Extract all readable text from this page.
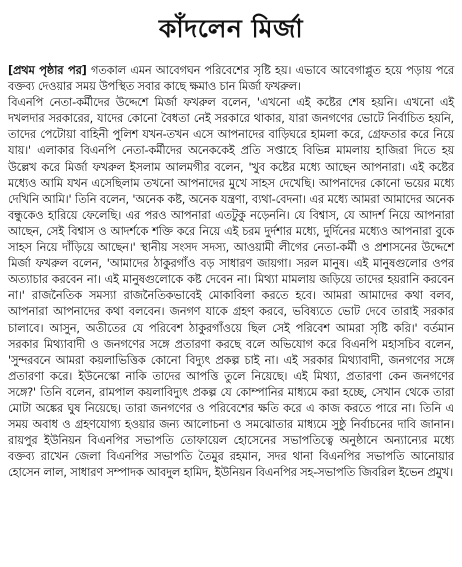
কাঁদলেন মির্জা

[প্রথম পৃষ্ঠার পর] গতকাল এমন আবেগঘন পরিবেশের সৃষ্টি হয়। এভাবে আবেগাপ্লুত হয়ে পড়ায় পরে বক্তব্য দেওয়ার সময় উপস্থিত সবার কাছে ক্ষমাও চান মির্জা ফখরুল।

বিএনপি নেতা-কর্মীদের উদ্দেশে মির্জা ফখরুল বলেন, 'এখনো এই কষ্টের শেষ হয়নি। এখনো এই দখলদার সরকারের, যাদের কোনো বৈধতা নেই সরকারে থাকার, যারা জনগণের ভোটে নির্বাচিত হয়নি, তাদের পেটোয়া বাহিনী পুলিশ যখন-তখন এসে আপনাদের বাড়িঘরে হামলা করে, গ্রেফতার করে নিয়ে যায়।' এলাকার বিএনপি নেতা-কর্মীদের অনেককেই প্রতি সপ্তাহে বিভিন্ন মামলায় হাজিরা দিতে হয় উল্লেখ করে মির্জা ফখরুল ইসলাম আলমগীর বলেন, 'খুব কষ্টের মধ্যে আছেন আপনারা। এই কষ্টের মধ্যেও আমি যখন এসেছিলাম তখনো আপনাদের মুখে সাহস দেখেছি। আপনাদের কোনো ভয়ের মধ্যে দেখিনি আমি।' তিনি বলেন, 'অনেক কষ্ট, অনেক যন্ত্রণা, ব্যথা-বেদনা। এর মধ্যে আমরা আমাদের অনেক বন্ধুকেও হারিয়ে ফেলেছি। এর পরও আপনারা এতটুকু নড়েননি। যে বিশ্বাস, যে আদর্শ নিয়ে আপনারা আছেন, সেই বিশ্বাস ও আদর্শকে শক্তি করে নিয়ে এই চরম দুর্দশার মধ্যে, দুর্দিনের মধ্যেও আপনারা বুকে সাহস নিয়ে দাঁড়িয়ে আছেন।' স্থানীয় সংসদ সদস্য, আওয়ামী লীগের নেতা-কর্মী ও প্রশাসনের উদ্দেশে মির্জা ফখরুল বলেন, 'আমাদের ঠাকুরগাঁও বড় সাধারণ জায়গা। সরল মানুষ। এই মানুষগুলোর ওপর অত্যাচার করবেন না। এই মানুষগুলোকে কষ্ট দেবেন না। মিথ্যা মামলায় জড়িয়ে তাদের হয়রানি করবেন না।' রাজনৈতিক সমস্যা রাজনৈতিকভাবেই মোকাবিলা করতে হবে। আমরা আমাদের কথা বলব, আপনারা আপনাদের কথা বলবেন। জনগণ যাকে গ্রহণ করবে, ভবিষ্যতে ভোট দেবে তারাই সরকার চালাবে। আসুন, অতীতের যে পরিবেশ ঠাকুরগাঁওয়ে ছিল সেই পরিবেশ আমরা সৃষ্টি করি।' বর্তমান সরকার মিথ্যাবাদী ও জনগণের সঙ্গে প্রতারণা করছে বলে অভিযোগ করে বিএনপি মহাসচিব বলেন, 'সুন্দরবনে আমরা কয়লাভিত্তিক কোনো বিদ্যুৎ প্রকল্প চাই না। এই সরকার মিথ্যাবাদী, জনগণের সঙ্গে প্রতারণা করে। ইউনেস্কো নাকি তাদের আপত্তি তুলে নিয়েছে। এই মিথ্যা, প্রতারণা কেন জনগণের সঙ্গে?' তিনি বলেন, রামপাল কয়লাবিদ্যুৎ প্রকল্প যে কোম্পানির মাধ্যমে করা হচ্ছে, সেখান থেকে তারা মোটা অঙ্কের ঘুষ নিয়েছে। তারা জনগণের ও পরিবেশের ক্ষতি করে এ কাজ করতে পারে না। তিনি এ সময় অবাধ ও গ্রহণযোগ্য হওয়ার জন্য আলোচনা ও সমঝোতার মাধ্যমে সুষ্ঠু নির্বাচনের দাবি জানান। রায়পুর ইউনিয়ন বিএনপির সভাপতি তোফায়েল হোসেনের সভাপতিত্বে অনুষ্ঠানে অন্যান্যের মধ্যে বক্তব্য রাখেন জেলা বিএনপির সভাপতি তৈমুর রহমান, সদর থানা বিএনপির সভাপতি আনোয়ার হোসেন লাল, সাধারণ সম্পাদক আবদুল হামিদ, ইউনিয়ন বিএনপির সহ-সভাপতি জিবরিল ইভেন প্রমুখ।
